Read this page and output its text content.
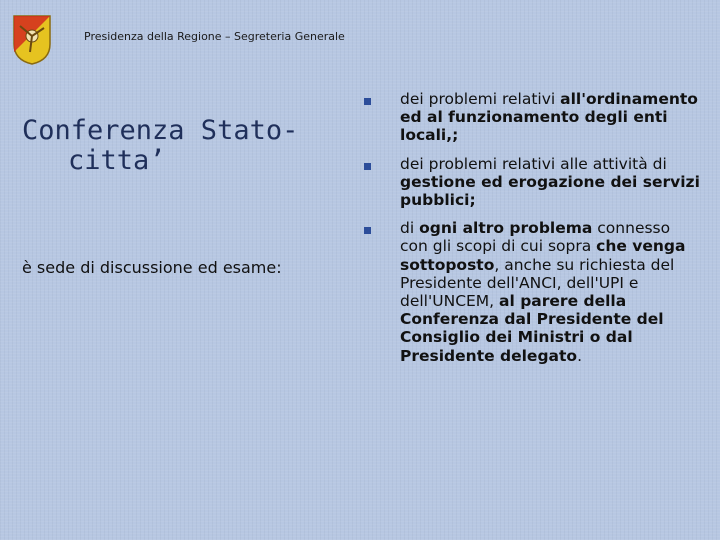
Presidenza della Regione – Segreteria Generale
Conferenza Stato-
citta’
è sede di discussione ed esame:
dei problemi relativi all'ordinamento ed al funzionamento degli enti locali,;
dei problemi relativi alle attività di gestione ed erogazione dei servizi pubblici;
di ogni altro problema connesso con gli scopi di cui sopra che venga sottoposto, anche su richiesta del Presidente dell'ANCI, dell'UPI e dell'UNCEM, al parere della Conferenza dal Presidente del Consiglio dei Ministri o dal Presidente delegato.
